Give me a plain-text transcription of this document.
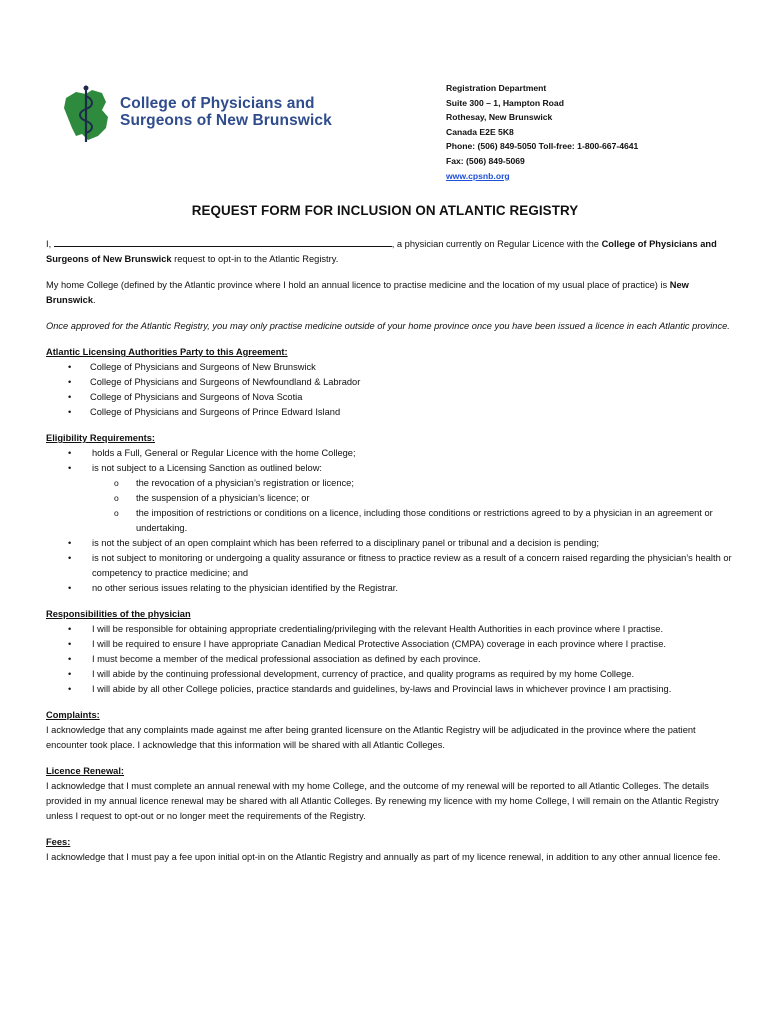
College of Physicians and
Surgeons of New Brunswick
Registration Department
Suite 300 – 1, Hampton Road
Rothesay, New Brunswick
Canada E2E 5K8
Phone: (506) 849-5050 Toll-free: 1-800-667-4641
Fax: (506) 849-5069
www.cpsnb.org
REQUEST FORM FOR INCLUSION ON ATLANTIC REGISTRY

I,	, a physician currently on Regular Licence with the College of Physicians and Surgeons of New Brunswick request to opt-in to the Atlantic Registry.

My home College (defined by the Atlantic province where I hold an annual licence to practise medicine and the location of my usual place of practice) is New Brunswick.

Once approved for the Atlantic Registry, you may only practise medicine outside of your home province once you have been issued a licence in each Atlantic province.

Atlantic Licensing Authorities Party to this Agreement:

• College of Physicians and Surgeons of New Brunswick
• College of Physicians and Surgeons of Newfoundland & Labrador
• College of Physicians and Surgeons of Nova Scotia
• College of Physicians and Surgeons of Prince Edward Island

Eligibility Requirements:

• holds a Full, General or Regular Licence with the home College;
• is not subject to a Licensing Sanction as outlined below:
o the revocation of a physician’s registration or licence;
o the suspension of a physician’s licence; or
o the imposition of restrictions or conditions on a licence, including those conditions or restrictions agreed to by a physician in an agreement or undertaking.
• is not the subject of an open complaint which has been referred to a disciplinary panel or tribunal and a decision is pending;
• is not subject to monitoring or undergoing a quality assurance or fitness to practice review as a result of a concern raised regarding the physician’s health or competency to practice medicine; and
• no other serious issues relating to the physician identified by the Registrar.

Responsibilities of the physician

• I will be responsible for obtaining appropriate credentialing/privileging with the relevant Health Authorities in each province where I practise.
• I will be required to ensure I have appropriate Canadian Medical Protective Association (CMPA) coverage in each province where I practise.
• I must become a member of the medical professional association as defined by each province.
• I will abide by the continuing professional development, currency of practice, and quality programs as required by my home College.
• I will abide by all other College policies, practice standards and guidelines, by-laws and Provincial laws in whichever province I am practising.

Complaints:

I acknowledge that any complaints made against me after being granted licensure on the Atlantic Registry will be adjudicated in the province where the patient encounter took place. I acknowledge that this information will be shared with all Atlantic Colleges.

Licence Renewal:

I acknowledge that I must complete an annual renewal with my home College, and the outcome of my renewal will be reported to all Atlantic Colleges. The details provided in my annual licence renewal may be shared with all Atlantic Colleges. By renewing my licence with my home College, I will remain on the Atlantic Registry unless I request to opt-out or no longer meet the requirements of the Registry.

Fees:

I acknowledge that I must pay a fee upon initial opt-in on the Atlantic Registry and annually as part of my licence renewal, in addition to any other annual licence fee.
